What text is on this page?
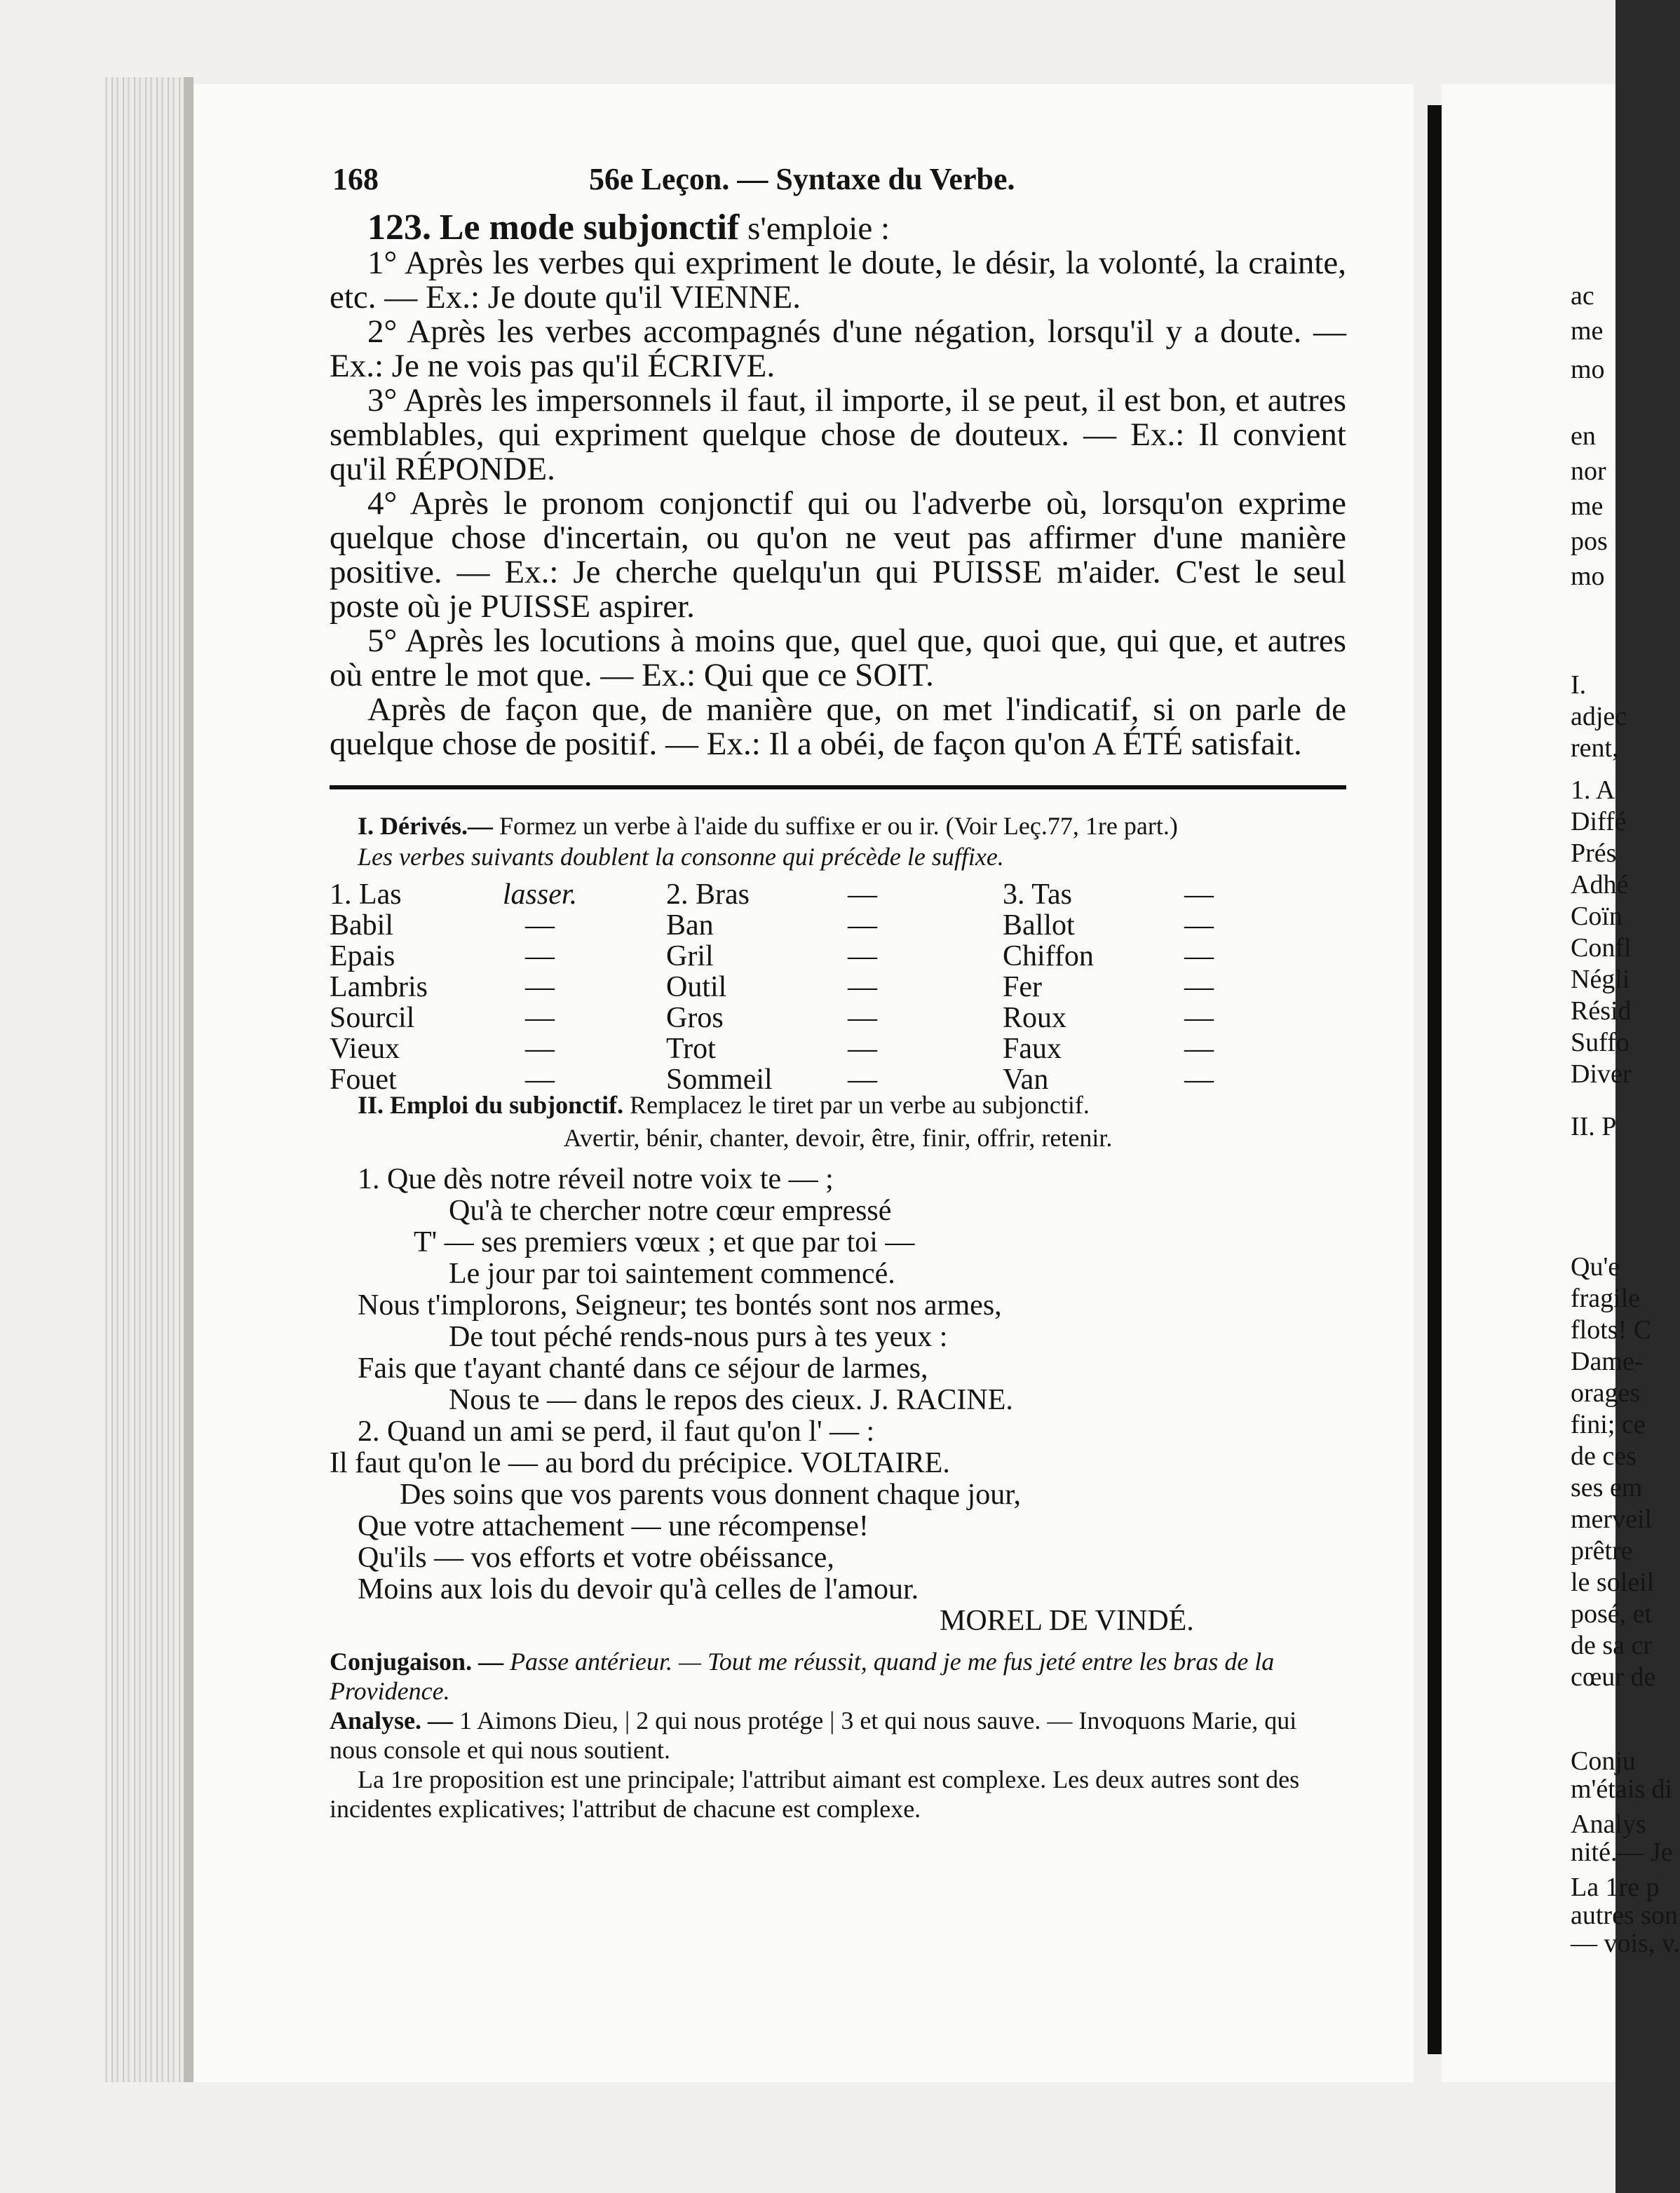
168	56e Leçon. — Syntaxe du Verbe.

123. Le mode subjonctif s'emploie :

1° Après les verbes qui expriment le doute, le désir, la volonté, la crainte, etc. — Ex.: Je doute qu'il VIENNE.

2° Après les verbes accompagnés d'une négation, lorsqu'il y a doute. — Ex.: Je ne vois pas qu'il ÉCRIVE.

3° Après les impersonnels il faut, il importe, il se peut, il est bon, et autres semblables, qui expriment quelque chose de douteux. — Ex.: Il convient qu'il RÉPONDE.

4° Après le pronom conjonctif qui ou l'adverbe où, lorsqu'on exprime quelque chose d'incertain, ou qu'on ne veut pas affirmer d'une manière positive. — Ex.: Je cherche quelqu'un qui PUISSE m'aider. C'est le seul poste où je PUISSE aspirer.

5° Après les locutions à moins que, quel que, quoi que, qui que, et autres où entre le mot que. — Ex.: Qui que ce SOIT.

Après de façon que, de manière que, on met l'indicatif, si on parle de quelque chose de positif. — Ex.: Il a obéi, de façon qu'on A ÉTÉ satisfait.

I. Dérivés.— Formez un verbe à l'aide du suffixe er ou ir. (Voir Leç.77, 1re part.)

Les verbes suivants doublent la consonne qui précède le suffixe.

1. Las
Babil
Epais
Lambris
Sourcil
Vieux
Fouet
lasser.
—
—
—
—
—
—
2. Bras
Ban
Gril
Outil
Gros
Trot
Sommeil
—
—
—
—
—
—
—
3. Tas
Ballot
Chiffon
Fer
Roux
Faux
Van
—
—
—
—
—
—
—

II. Emploi du subjonctif. Remplacez le tiret par un verbe au subjonctif.

Avertir, bénir, chanter, devoir, être, finir, offrir, retenir.
1. Que dès notre réveil notre voix te — ;
Qu'à te chercher notre cœur empressé
T' — ses premiers vœux ; et que par toi —
Le jour par toi saintement commencé.
Nous t'implorons, Seigneur; tes bontés sont nos armes,
De tout péché rends-nous purs à tes yeux :
Fais que t'ayant chanté dans ce séjour de larmes,
Nous te — dans le repos des cieux. J. RACINE.
2. Quand un ami se perd, il faut qu'on l' — :
Il faut qu'on le — au bord du précipice. VOLTAIRE.
Des soins que vos parents vous donnent chaque jour,
Que votre attachement — une récompense!
Qu'ils — vos efforts et votre obéissance,
Moins aux lois du devoir qu'à celles de l'amour.
MOREL DE VINDÉ.

Conjugaison. — Passe antérieur. — Tout me réussit, quand je me fus jeté entre les bras de la Providence.

Analyse. — 1 Aimons Dieu, | 2 qui nous protége | 3 et qui nous sauve. — Invoquons Marie, qui nous console et qui nous soutient.

La 1re proposition est une principale; l'attribut aimant est complexe. Les deux autres sont des incidentes explicatives; l'attribut de chacune est complexe.

ac
me
mo
en
nor
me
pos
mo
I.
adjec
rent,
1. A
Diffé
Prés
Adhé
Coïn
Confl
Négli
Résid
Suffo
Diver
II. P
Qu'e
fragile
flots! C
Dame-
orages
fini; ce
de ces
ses em
merveil
prêtre
le soleil
posé, et
de sa cr
cœur de
Conju
m'étais di
Analys
nité.— Je
La 1re p
autres son
— vois, v.
